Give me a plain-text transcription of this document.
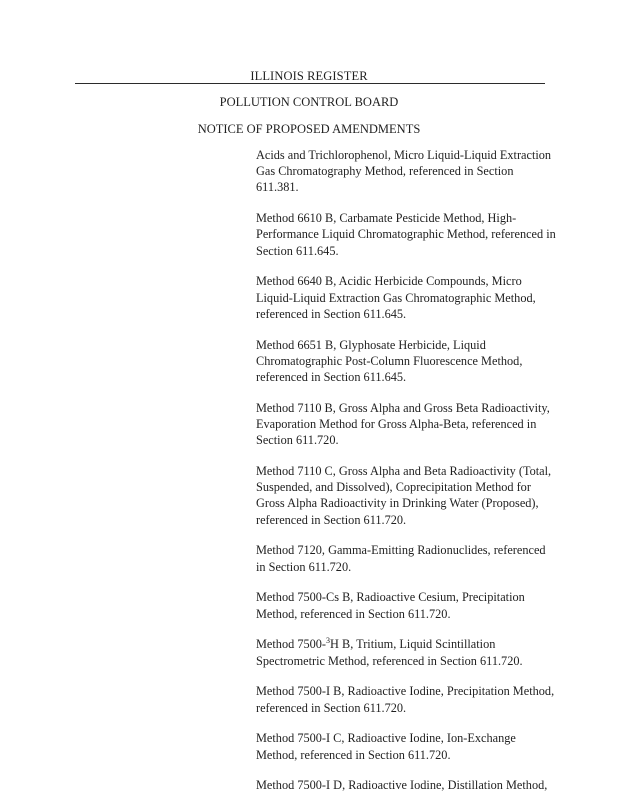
ILLINOIS REGISTER
POLLUTION CONTROL BOARD
NOTICE OF PROPOSED AMENDMENTS
Acids and Trichlorophenol, Micro Liquid-Liquid Extraction Gas Chromatography Method, referenced in Section 611.381.
Method 6610 B, Carbamate Pesticide Method, High-Performance Liquid Chromatographic Method, referenced in Section 611.645.
Method 6640 B, Acidic Herbicide Compounds, Micro Liquid-Liquid Extraction Gas Chromatographic Method, referenced in Section 611.645.
Method 6651 B, Glyphosate Herbicide, Liquid Chromatographic Post-Column Fluorescence Method, referenced in Section 611.645.
Method 7110 B, Gross Alpha and Gross Beta Radioactivity, Evaporation Method for Gross Alpha-Beta, referenced in Section 611.720.
Method 7110 C, Gross Alpha and Beta Radioactivity (Total, Suspended, and Dissolved), Coprecipitation Method for Gross Alpha Radioactivity in Drinking Water (Proposed), referenced in Section 611.720.
Method 7120, Gamma-Emitting Radionuclides, referenced in Section 611.720.
Method 7500-Cs B, Radioactive Cesium, Precipitation Method, referenced in Section 611.720.
Method 7500-$^3$H B, Tritium, Liquid Scintillation Spectrometric Method, referenced in Section 611.720.
Method 7500-I B, Radioactive Iodine, Precipitation Method, referenced in Section 611.720.
Method 7500-I C, Radioactive Iodine, Ion-Exchange Method, referenced in Section 611.720.
Method 7500-I D, Radioactive Iodine, Distillation Method,
